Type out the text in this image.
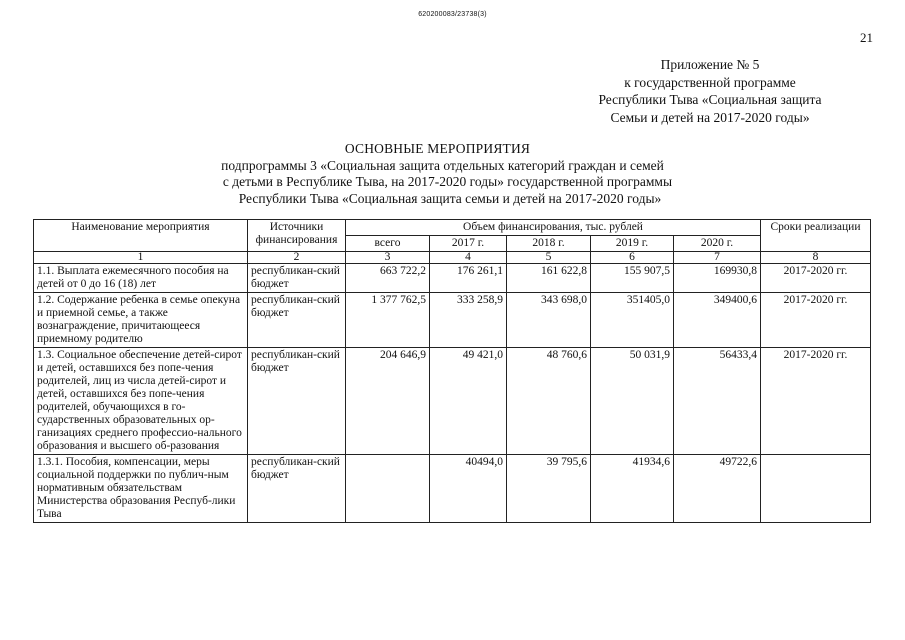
620200083/23738(3)
21
Приложение № 5
к государственной программе
Республики Тыва «Социальная защита
Семьи и детей на 2017-2020 годы»
ОСНОВНЫЕ МЕРОПРИЯТИЯ
подпрограммы 3 «Социальная защита отдельных категорий граждан и семей
с детьми в Республике Тыва, на 2017-2020 годы» государственной программы
Республики Тыва «Социальная защита семьи и детей на 2017-2020 годы»
Наименование мероприятия	Источники финансирования	Объем финансирования, тыс. рублей					Сроки реализации
		всего	2017 г.	2018 г.	2019 г.	2020 г.	
1	2	3	4	5	6	7	8
1.1. Выплата ежемесячного пособия на детей от 0 до 16 (18) лет	республикан-ский бюджет	663 722,2	176 261,1	161 622,8	155 907,5	169930,8	2017-2020 гг.
1.2. Содержание ребенка в семье опекуна и приемной семье, а также вознаграждение, причитающееся приемному родителю	республикан-ский бюджет	1 377 762,5	333 258,9	343 698,0	351405,0	349400,6	2017-2020 гг.
1.3. Социальное обеспечение детей-сирот и детей, оставшихся без попе-чения родителей, лиц из числа детей-сирот и детей, оставшихся без попе-чения родителей, обучающихся в го-сударственных образовательных ор-ганизациях среднего профессио-нального образования и высшего об-разования	республикан-ский бюджет	204 646,9	49 421,0	48 760,6	50 031,9	56433,4	2017-2020 гг.
1.3.1. Пособия, компенсации, меры социальной поддержки по публич-ным нормативным обязательствам Министерства образования Респуб-лики Тыва	республикан-ский бюджет		40494,0	39 795,6	41934,6	49722,6	
